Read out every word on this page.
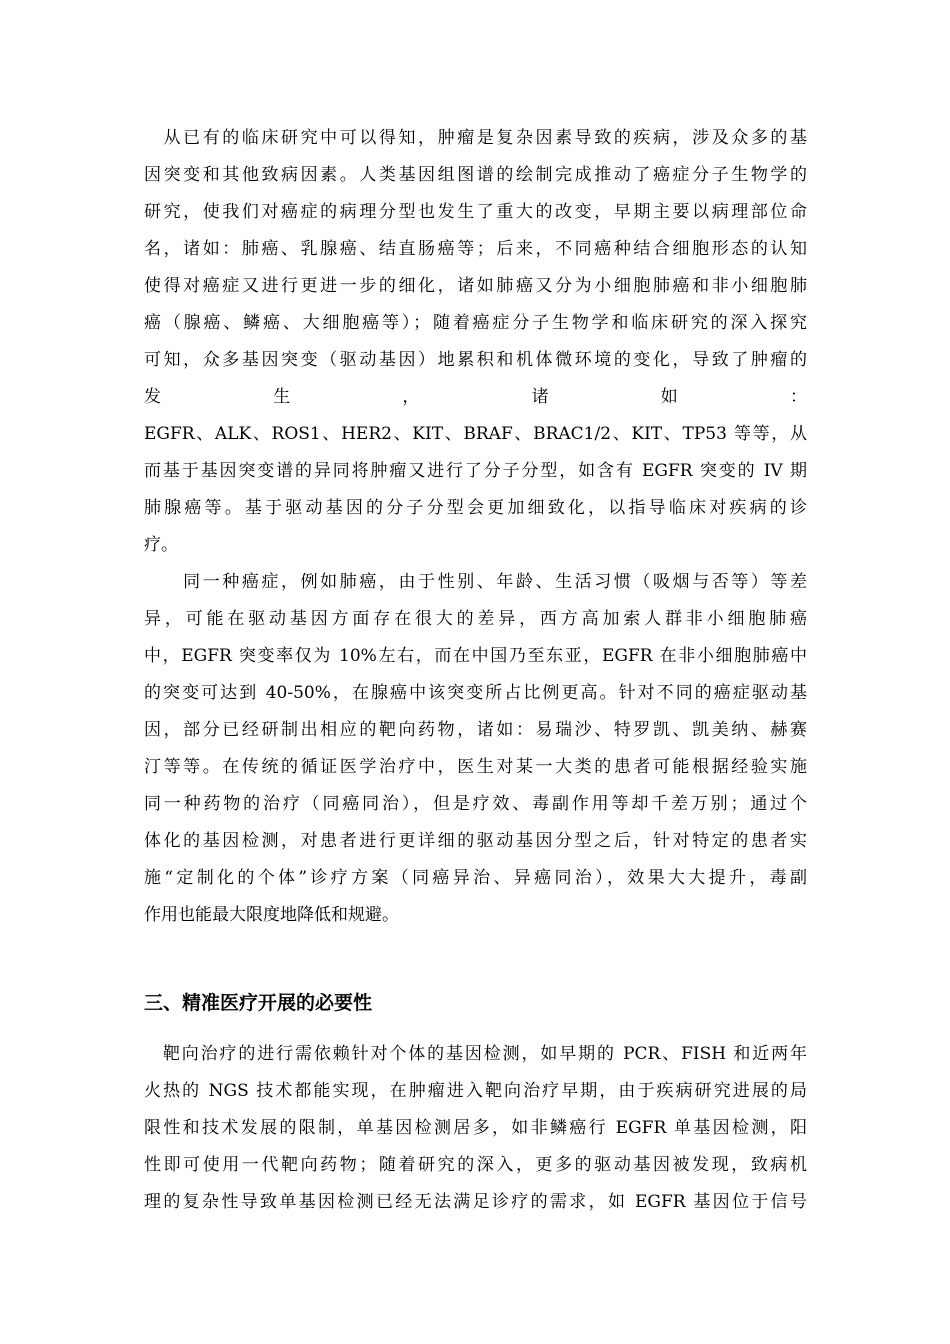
　从已有的临床研究中可以得知，肿瘤是复杂因素导致的疾病，涉及众多的基
因突变和其他致病因素。人类基因组图谱的绘制完成推动了癌症分子生物学的
研究，使我们对癌症的病理分型也发生了重大的改变，早期主要以病理部位命
名，诸如：肺癌、乳腺癌、结直肠癌等；后来，不同癌种结合细胞形态的认知
使得对癌症又进行更进一步的细化，诸如肺癌又分为小细胞肺癌和非小细胞肺
癌（腺癌、鳞癌、大细胞癌等）；随着癌症分子生物学和临床研究的深入探究
可知，众多基因突变（驱动基因）地累积和机体微环境的变化，导致了肿瘤的
发生，诸如：
EGFR、ALK、ROS1、HER2、KIT、BRAF、BRAC1/2、KIT、TP53 等等，从
而基于基因突变谱的异同将肿瘤又进行了分子分型，如含有 EGFR 突变的 IV 期
肺腺癌等。基于驱动基因的分子分型会更加细致化，以指导临床对疾病的诊
疗。
　　同一种癌症，例如肺癌，由于性别、年龄、生活习惯（吸烟与否等）等差
异，可能在驱动基因方面存在很大的差异，西方高加索人群非小细胞肺癌
中，EGFR 突变率仅为 10%左右，而在中国乃至东亚，EGFR 在非小细胞肺癌中
的突变可达到 40-50%，在腺癌中该突变所占比例更高。针对不同的癌症驱动基
因，部分已经研制出相应的靶向药物，诸如：易瑞沙、特罗凯、凯美纳、赫赛
汀等等。在传统的循证医学治疗中，医生对某一大类的患者可能根据经验实施
同一种药物的治疗（同癌同治），但是疗效、毒副作用等却千差万别；通过个
体化的基因检测，对患者进行更详细的驱动基因分型之后，针对特定的患者实
施“定制化的个体”诊疗方案（同癌异治、异癌同治），效果大大提升，毒副
作用也能最大限度地降低和规避。
三、精准医疗开展的必要性
　靶向治疗的进行需依赖针对个体的基因检测，如早期的 PCR、FISH 和近两年
火热的 NGS 技术都能实现，在肿瘤进入靶向治疗早期，由于疾病研究进展的局
限性和技术发展的限制，单基因检测居多，如非鳞癌行 EGFR 单基因检测，阳
性即可使用一代靶向药物；随着研究的深入，更多的驱动基因被发现，致病机
理的复杂性导致单基因检测已经无法满足诊疗的需求，如 EGFR 基因位于信号
